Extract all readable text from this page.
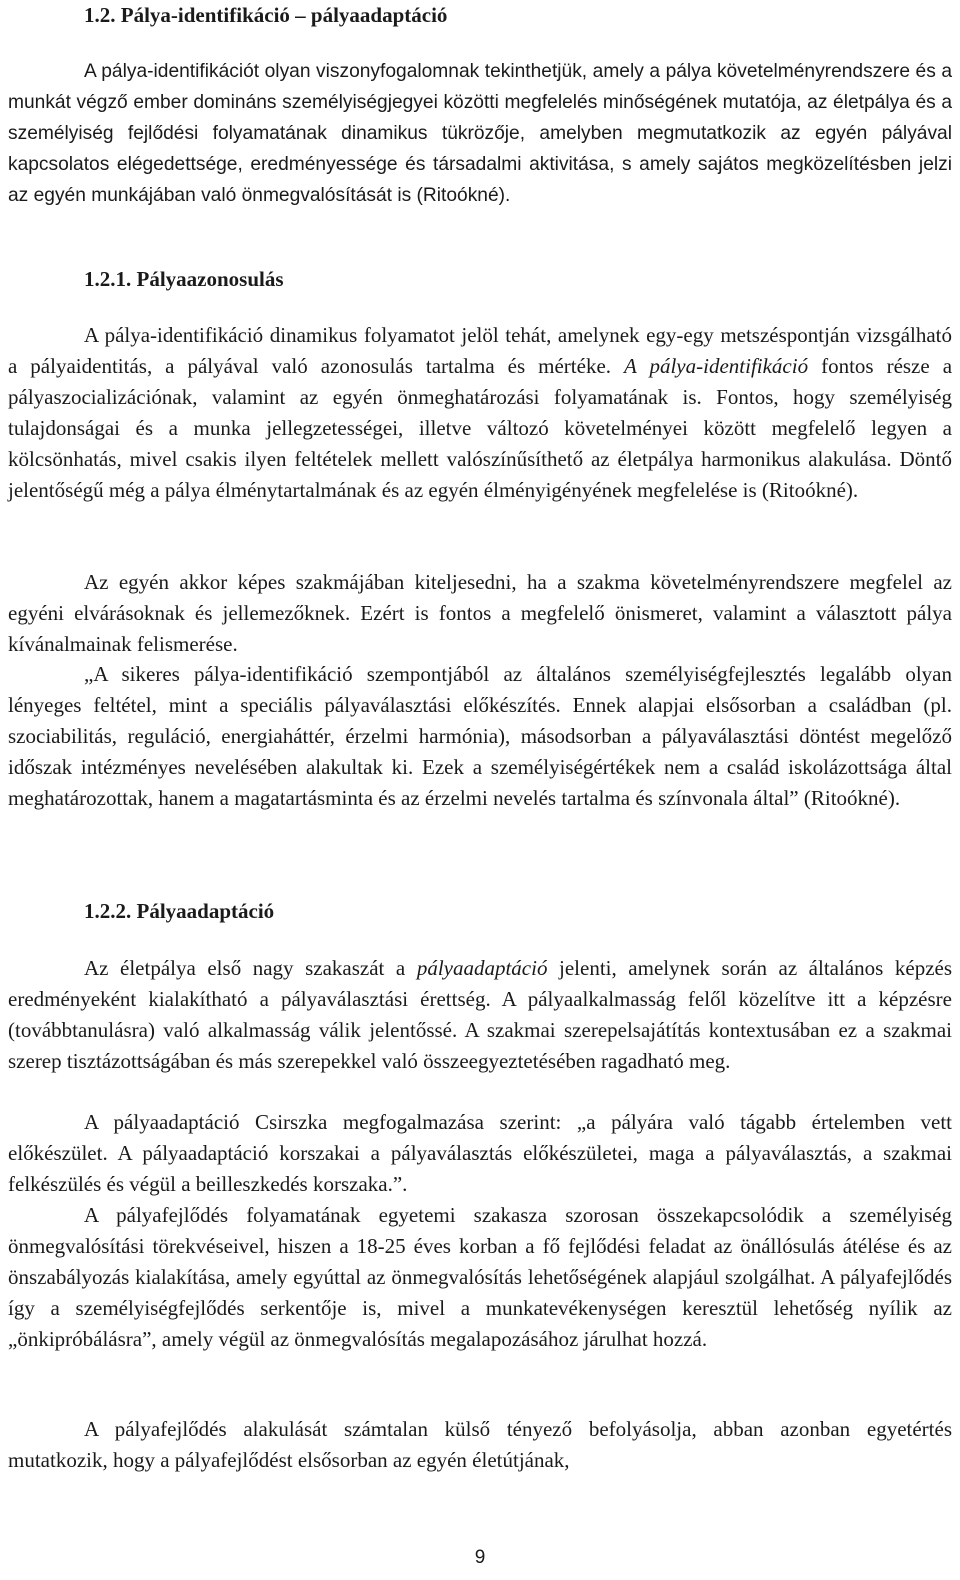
1.2. Pálya-identifikáció – pályaadaptáció

A pálya-identifikációt olyan viszonyfogalomnak tekinthetjük, amely a pálya követelményrendszere és a munkát végző ember domináns személyiségjegyei közötti megfelelés minőségének mutatója, az életpálya és a személyiség fejlődési folyamatának dinamikus tükrözője, amelyben megmutatkozik az egyén pályával kapcsolatos elégedettsége, eredményessége és társadalmi aktivitása, s amely sajátos megközelítésben jelzi az egyén munkájában való önmegvalósítását is (Ritoókné).

1.2.1. Pályaazonosulás

A pálya-identifikáció dinamikus folyamatot jelöl tehát, amelynek egy-egy metszéspontján vizsgálható a pályaidentitás, a pályával való azonosulás tartalma és mértéke. A pálya-identifikáció fontos része a pályaszocializációnak, valamint az egyén önmeghatározási folyamatának is. Fontos, hogy személyiség tulajdonságai és a munka jellegzetességei, illetve változó követelményei között megfelelő legyen a kölcsönhatás, mivel csakis ilyen feltételek mellett valószínűsíthető az életpálya harmonikus alakulása. Döntő jelentőségű még a pálya élménytartalmának és az egyén élményigényének megfelelése is (Ritoókné).

Az egyén akkor képes szakmájában kiteljesedni, ha a szakma követelményrendszere megfelel az egyéni elvárásoknak és jellemezőknek. Ezért is fontos a megfelelő önismeret, valamint a választott pálya kívánalmainak felismerése.

„A sikeres pálya-identifikáció szempontjából az általános személyiségfejlesztés legalább olyan lényeges feltétel, mint a speciális pályaválasztási előkészítés. Ennek alapjai elsősorban a családban (pl. szociabilitás, reguláció, energiaháttér, érzelmi harmónia), másodsorban a pályaválasztási döntést megelőző időszak intézményes nevelésében alakultak ki. Ezek a személyiségértékek nem a család iskolázottsága által meghatározottak, hanem a magatartásminta és az érzelmi nevelés tartalma és színvonala által” (Ritoókné).

1.2.2. Pályaadaptáció

Az életpálya első nagy szakaszát a pályaadaptáció jelenti, amelynek során az általános képzés eredményeként kialakítható a pályaválasztási érettség. A pályaalkalmasság felől közelítve itt a képzésre (továbbtanulásra) való alkalmasság válik jelentőssé. A szakmai szerepelsajátítás kontextusában ez a szakmai szerep tisztázottságában és más szerepekkel való összeegyeztetésében ragadható meg.

A pályaadaptáció Csirszka megfogalmazása szerint: „a pályára való tágabb értelemben vett előkészület. A pályaadaptáció korszakai a pályaválasztás előkészületei, maga a pályaválasztás, a szakmai felkészülés és végül a beilleszkedés korszaka.”.

A pályafejlődés folyamatának egyetemi szakasza szorosan összekapcsolódik a személyiség önmegvalósítási törekvéseivel, hiszen a 18-25 éves korban a fő fejlődési feladat az önállósulás átélése és az önszabályozás kialakítása, amely egyúttal az önmegvalósítás lehetőségének alapjául szolgálhat. A pályafejlődés így a személyiségfejlődés serkentője is, mivel a munkatevékenységen keresztül lehetőség nyílik az „önkipróbálásra”, amely végül az önmegvalósítás megalapozásához járulhat hozzá.

A pályafejlődés alakulását számtalan külső tényező befolyásolja, abban azonban egyetértés mutatkozik, hogy a pályafejlődést elsősorban az egyén életútjának,

9
